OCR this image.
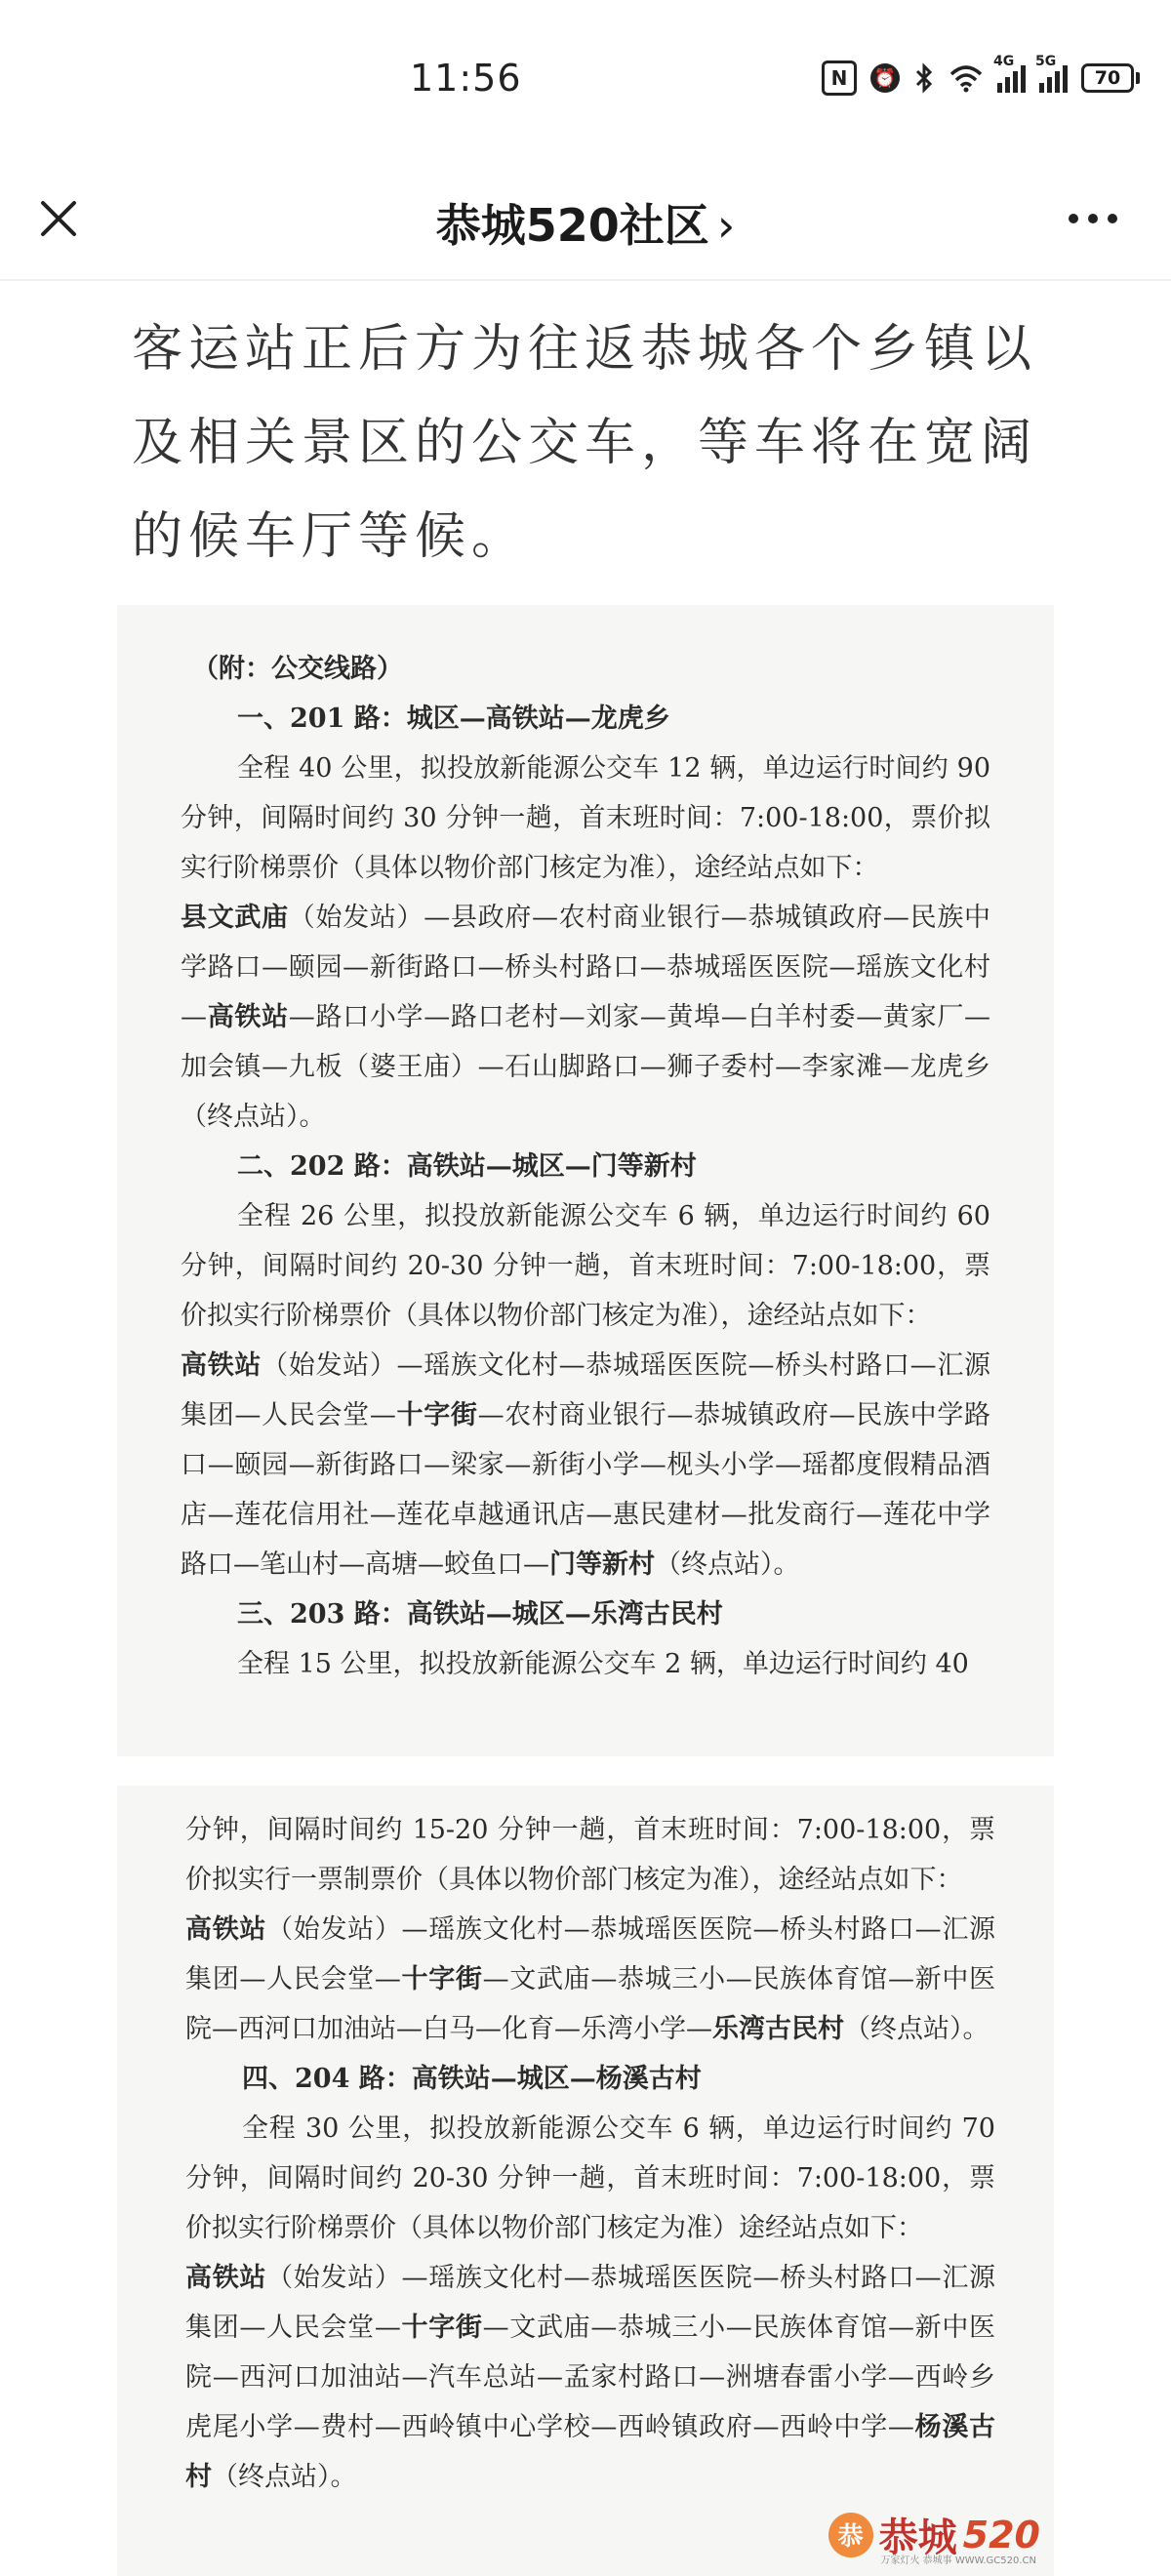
11:56	N	⏰
4G 5G
70
恭城520社区 ›
客运站正后方为往返恭城各个乡镇以及相关景区的公交车，等车将在宽阔的候车厅等候。

（附：公交线路）

一、201 路：城区—高铁站—龙虎乡

全程 40 公里，拟投放新能源公交车 12 辆，单边运行时间约 90 分钟，间隔时间约 30 分钟一趟，首末班时间：7:00-18:00，票价拟实行阶梯票价（具体以物价部门核定为准），途经站点如下：

县文武庙（始发站）—县政府—农村商业银行—恭城镇政府—民族中学路口—颐园—新街路口—桥头村路口—恭城瑶医医院—瑶族文化村—高铁站—路口小学—路口老村—刘家—黄埠—白羊村委—黄家厂—加会镇—九板（婆王庙）—石山脚路口—狮子委村—李家滩—龙虎乡（终点站）。

二、202 路：高铁站—城区—门等新村

全程 26 公里，拟投放新能源公交车 6 辆，单边运行时间约 60 分钟，间隔时间约 20-30 分钟一趟，首末班时间：7:00-18:00，票价拟实行阶梯票价（具体以物价部门核定为准），途经站点如下：

高铁站（始发站）—瑶族文化村—恭城瑶医医院—桥头村路口—汇源集团—人民会堂—十字街—农村商业银行—恭城镇政府—民族中学路口—颐园—新街路口—梁家—新街小学—枧头小学—瑶都度假精品酒店—莲花信用社—莲花卓越通讯店—惠民建材—批发商行—莲花中学路口—笔山村—高塘—蛟鱼口—门等新村（终点站）。

三、203 路：高铁站—城区—乐湾古民村

全程 15 公里，拟投放新能源公交车 2 辆，单边运行时间约 40

分钟，间隔时间约 15-20 分钟一趟，首末班时间：7:00-18:00，票价拟实行一票制票价（具体以物价部门核定为准），途经站点如下：

高铁站（始发站）—瑶族文化村—恭城瑶医医院—桥头村路口—汇源集团—人民会堂—十字街—文武庙—恭城三小—民族体育馆—新中医院—西河口加油站—白马—化育—乐湾小学—乐湾古民村（终点站）。

四、204 路：高铁站—城区—杨溪古村

全程 30 公里，拟投放新能源公交车 6 辆，单边运行时间约 70 分钟，间隔时间约 20-30 分钟一趟，首末班时间：7:00-18:00，票价拟实行阶梯票价（具体以物价部门核定为准）途经站点如下：

高铁站（始发站）—瑶族文化村—恭城瑶医医院—桥头村路口—汇源集团—人民会堂—十字街—文武庙—恭城三小—民族体育馆—新中医院—西河口加油站—汽车总站—孟家村路口—洲塘春雷小学—西岭乡虎尾小学—费村—西岭镇中心学校—西岭镇政府—西岭中学—杨溪古村（终点站）。

恭 恭城 520
万家灯火 恭城事 WWW.GC520.CN
